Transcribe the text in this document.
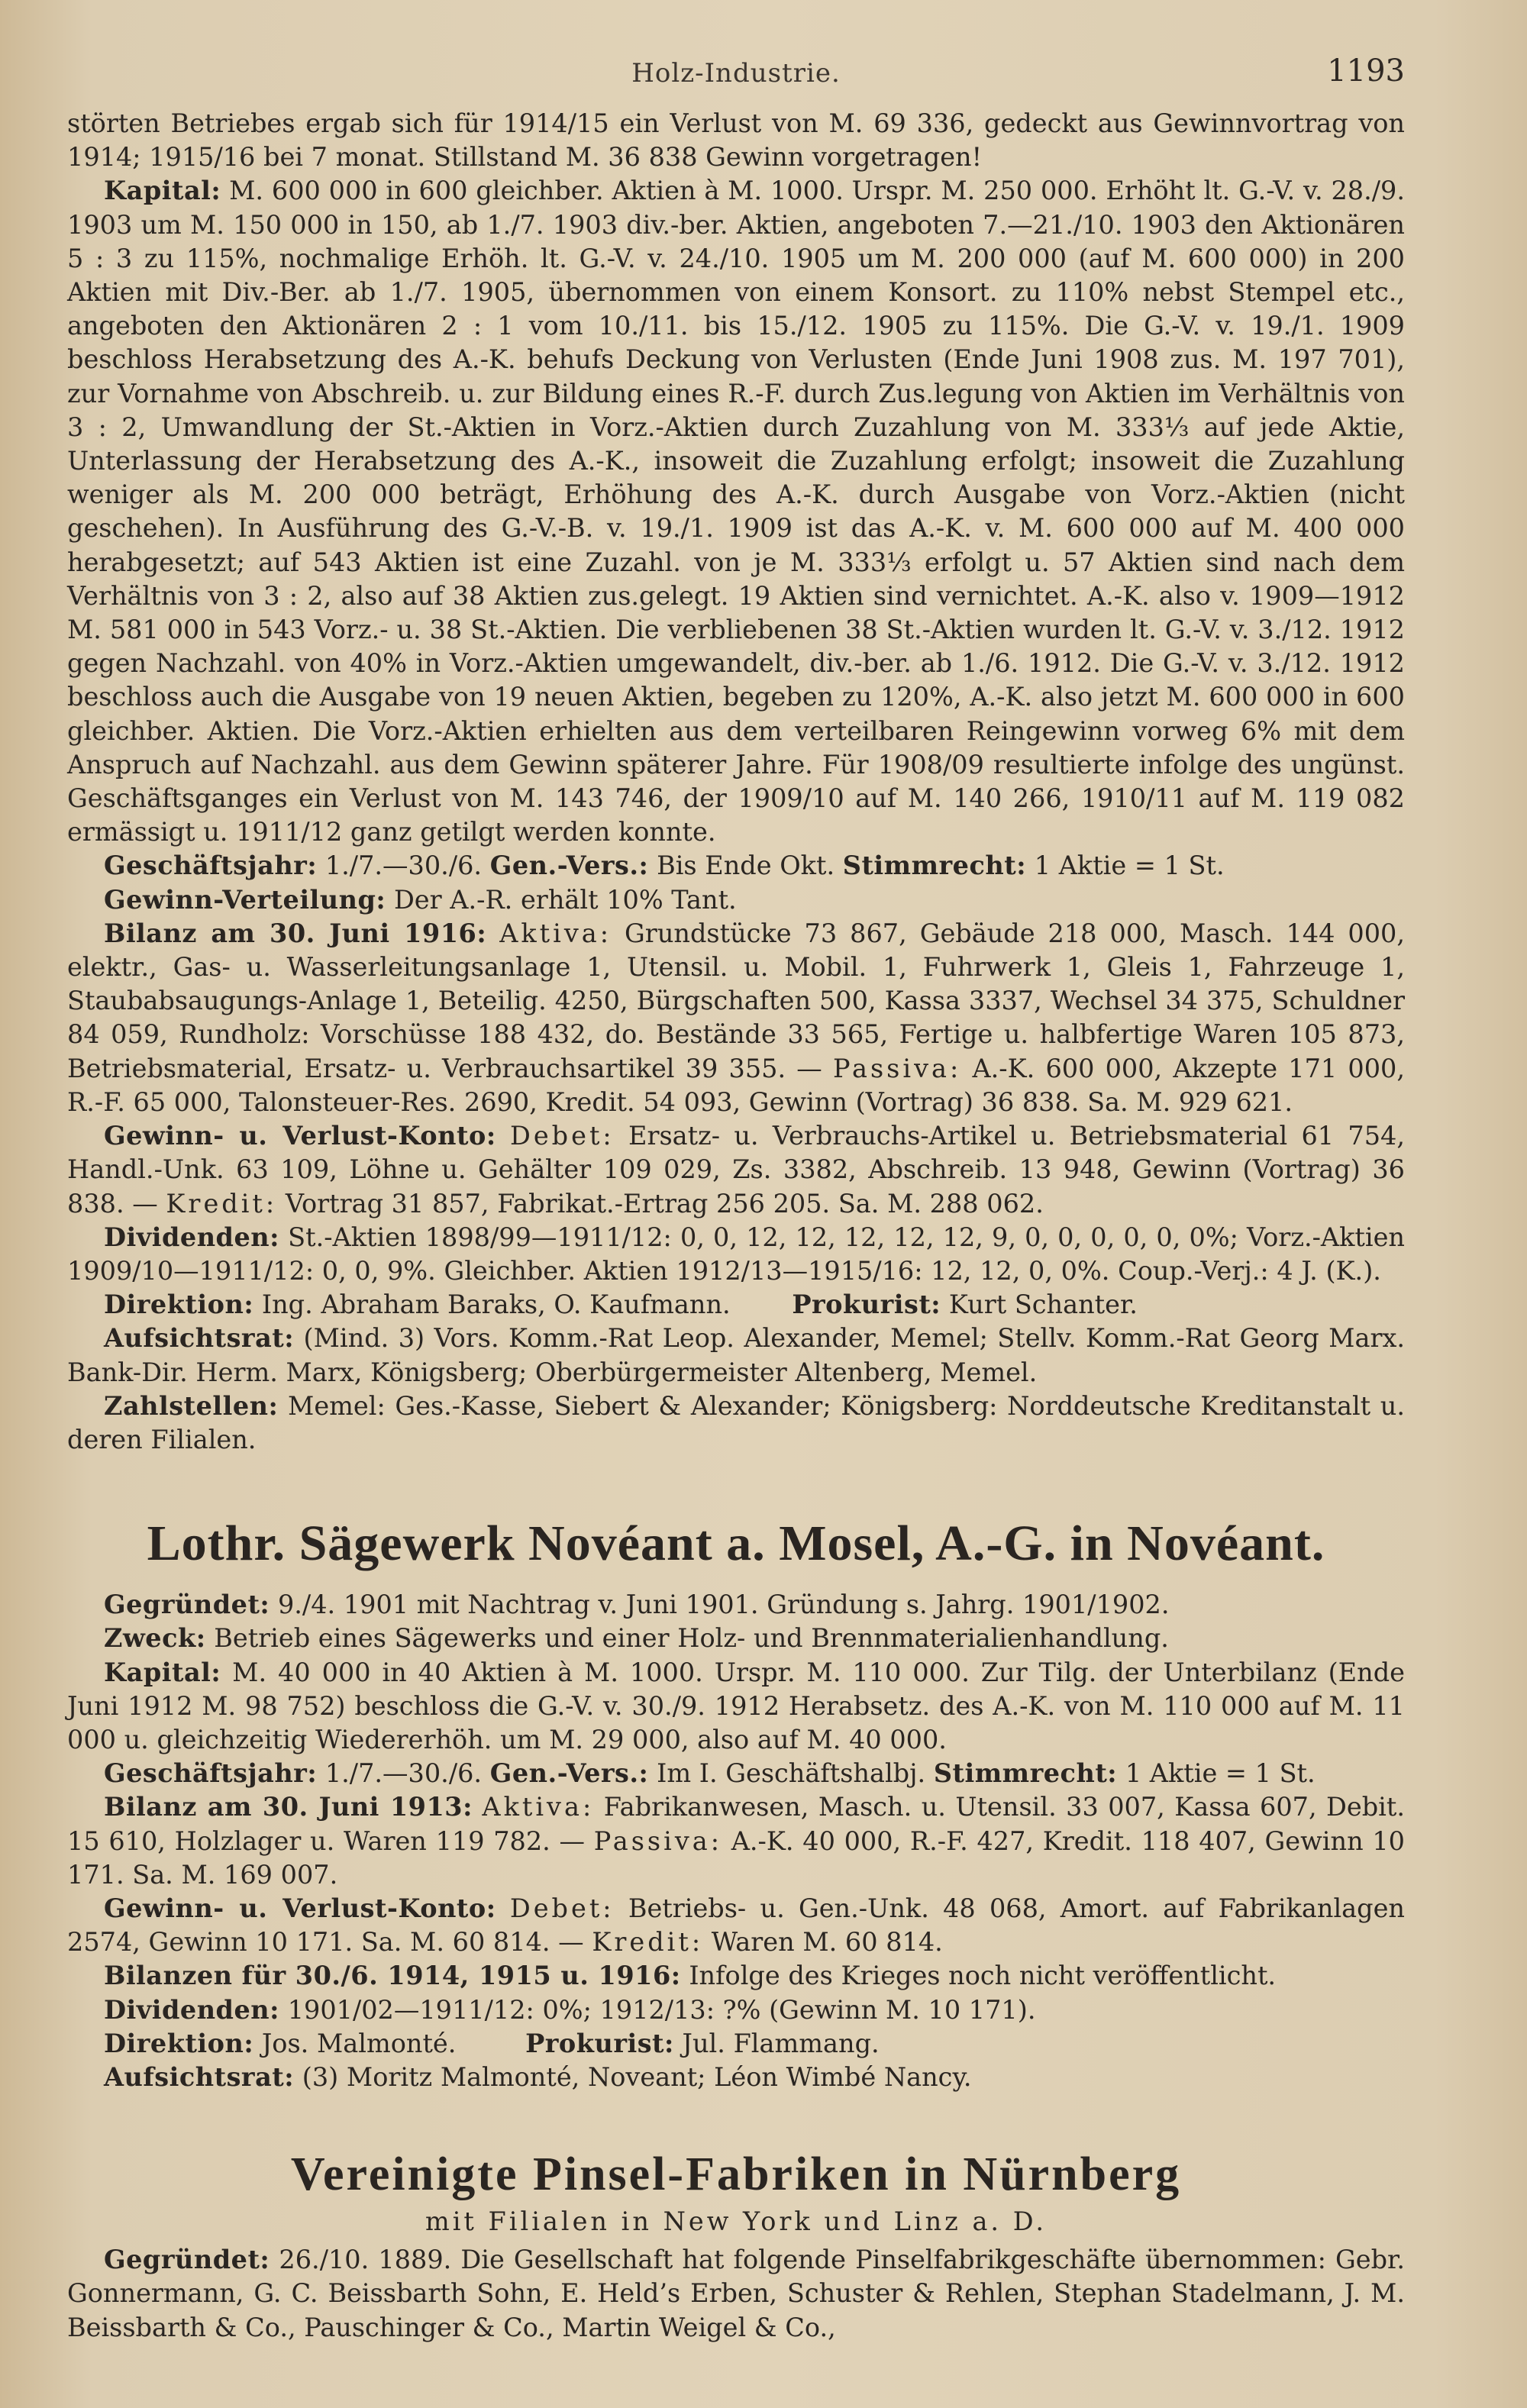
Holz-Industrie.	1193

störten Betriebes ergab sich für 1914/15 ein Verlust von M. 69 336, gedeckt aus Gewinnvortrag von 1914; 1915/16 bei 7 monat. Stillstand M. 36 838 Gewinn vorgetragen!

Kapital: M. 600 000 in 600 gleichber. Aktien à M. 1000. Urspr. M. 250 000. Erhöht lt. G.-V. v. 28./9. 1903 um M. 150 000 in 150, ab 1./7. 1903 div.-ber. Aktien, angeboten 7.—21./10. 1903 den Aktionären 5 : 3 zu 115%, nochmalige Erhöh. lt. G.-V. v. 24./10. 1905 um M. 200 000 (auf M. 600 000) in 200 Aktien mit Div.-Ber. ab 1./7. 1905, übernommen von einem Konsort. zu 110% nebst Stempel etc., angeboten den Aktionären 2 : 1 vom 10./11. bis 15./12. 1905 zu 115%. Die G.-V. v. 19./1. 1909 beschloss Herabsetzung des A.-K. behufs Deckung von Verlusten (Ende Juni 1908 zus. M. 197 701), zur Vornahme von Abschreib. u. zur Bildung eines R.-F. durch Zus.legung von Aktien im Verhältnis von 3 : 2, Umwandlung der St.-Aktien in Vorz.-Aktien durch Zuzahlung von M. 333⅓ auf jede Aktie, Unterlassung der Herabsetzung des A.-K., insoweit die Zuzahlung erfolgt; insoweit die Zuzahlung weniger als M. 200 000 beträgt, Erhöhung des A.-K. durch Ausgabe von Vorz.-Aktien (nicht geschehen). In Ausführung des G.-V.-B. v. 19./1. 1909 ist das A.-K. v. M. 600 000 auf M. 400 000 herabgesetzt; auf 543 Aktien ist eine Zuzahl. von je M. 333⅓ erfolgt u. 57 Aktien sind nach dem Verhältnis von 3 : 2, also auf 38 Aktien zus.gelegt. 19 Aktien sind vernichtet. A.-K. also v. 1909—1912 M. 581 000 in 543 Vorz.- u. 38 St.-Aktien. Die verbliebenen 38 St.-Aktien wurden lt. G.-V. v. 3./12. 1912 gegen Nachzahl. von 40% in Vorz.-Aktien umgewandelt, div.-ber. ab 1./6. 1912. Die G.-V. v. 3./12. 1912 beschloss auch die Ausgabe von 19 neuen Aktien, begeben zu 120%, A.-K. also jetzt M. 600 000 in 600 gleichber. Aktien. Die Vorz.-Aktien erhielten aus dem verteilbaren Reingewinn vorweg 6% mit dem Anspruch auf Nachzahl. aus dem Gewinn späterer Jahre. Für 1908/09 resultierte infolge des ungünst. Geschäftsganges ein Verlust von M. 143 746, der 1909/10 auf M. 140 266, 1910/11 auf M. 119 082 ermässigt u. 1911/12 ganz getilgt werden konnte.

Geschäftsjahr: 1./7.—30./6. Gen.-Vers.: Bis Ende Okt. Stimmrecht: 1 Aktie = 1 St.

Gewinn-Verteilung: Der A.-R. erhält 10% Tant.

Bilanz am 30. Juni 1916: Aktiva: Grundstücke 73 867, Gebäude 218 000, Masch. 144 000, elektr., Gas- u. Wasserleitungsanlage 1, Utensil. u. Mobil. 1, Fuhrwerk 1, Gleis 1, Fahrzeuge 1, Staubabsaugungs-Anlage 1, Beteilig. 4250, Bürgschaften 500, Kassa 3337, Wechsel 34 375, Schuldner 84 059, Rundholz: Vorschüsse 188 432, do. Bestände 33 565, Fertige u. halbfertige Waren 105 873, Betriebsmaterial, Ersatz- u. Verbrauchsartikel 39 355. — Passiva: A.-K. 600 000, Akzepte 171 000, R.-F. 65 000, Talonsteuer-Res. 2690, Kredit. 54 093, Gewinn (Vortrag) 36 838. Sa. M. 929 621.

Gewinn- u. Verlust-Konto: Debet: Ersatz- u. Verbrauchs-Artikel u. Betriebsmaterial 61 754, Handl.-Unk. 63 109, Löhne u. Gehälter 109 029, Zs. 3382, Abschreib. 13 948, Gewinn (Vortrag) 36 838. — Kredit: Vortrag 31 857, Fabrikat.-Ertrag 256 205. Sa. M. 288 062.

Dividenden: St.-Aktien 1898/99—1911/12: 0, 0, 12, 12, 12, 12, 12, 9, 0, 0, 0, 0, 0, 0%; Vorz.-Aktien 1909/10—1911/12: 0, 0, 9%. Gleichber. Aktien 1912/13—1915/16: 12, 12, 0, 0%. Coup.-Verj.: 4 J. (K.).

Direktion: Ing. Abraham Baraks, O. Kaufmann. Prokurist: Kurt Schanter.

Aufsichtsrat: (Mind. 3) Vors. Komm.-Rat Leop. Alexander, Memel; Stellv. Komm.-Rat Georg Marx. Bank-Dir. Herm. Marx, Königsberg; Oberbürgermeister Altenberg, Memel.

Zahlstellen: Memel: Ges.-Kasse, Siebert & Alexander; Königsberg: Norddeutsche Kreditanstalt u. deren Filialen.

Lothr. Sägewerk Novéant a. Mosel, A.-G. in Novéant.

Gegründet: 9./4. 1901 mit Nachtrag v. Juni 1901. Gründung s. Jahrg. 1901/1902.

Zweck: Betrieb eines Sägewerks und einer Holz- und Brennmaterialienhandlung.

Kapital: M. 40 000 in 40 Aktien à M. 1000. Urspr. M. 110 000. Zur Tilg. der Unterbilanz (Ende Juni 1912 M. 98 752) beschloss die G.-V. v. 30./9. 1912 Herabsetz. des A.-K. von M. 110 000 auf M. 11 000 u. gleichzeitig Wiedererhöh. um M. 29 000, also auf M. 40 000.

Geschäftsjahr: 1./7.—30./6. Gen.-Vers.: Im I. Geschäftshalbj. Stimmrecht: 1 Aktie = 1 St.

Bilanz am 30. Juni 1913: Aktiva: Fabrikanwesen, Masch. u. Utensil. 33 007, Kassa 607, Debit. 15 610, Holzlager u. Waren 119 782. — Passiva: A.-K. 40 000, R.-F. 427, Kredit. 118 407, Gewinn 10 171. Sa. M. 169 007.

Gewinn- u. Verlust-Konto: Debet: Betriebs- u. Gen.-Unk. 48 068, Amort. auf Fabrikanlagen 2574, Gewinn 10 171. Sa. M. 60 814. — Kredit: Waren M. 60 814.

Bilanzen für 30./6. 1914, 1915 u. 1916: Infolge des Krieges noch nicht veröffentlicht.

Dividenden: 1901/02—1911/12: 0%; 1912/13: ?% (Gewinn M. 10 171).

Direktion: Jos. Malmonté.	Prokurist: Jul. Flammang.

Aufsichtsrat: (3) Moritz Malmonté, Noveant; Léon Wimbé Nancy.

Vereinigte Pinsel-Fabriken in Nürnberg

mit Filialen in New York und Linz a. D.

Gegründet: 26./10. 1889. Die Gesellschaft hat folgende Pinselfabrikgeschäfte übernommen: Gebr. Gonnermann, G. C. Beissbarth Sohn, E. Held’s Erben, Schuster & Rehlen, Stephan Stadelmann, J. M. Beissbarth & Co., Pauschinger & Co., Martin Weigel & Co.,
